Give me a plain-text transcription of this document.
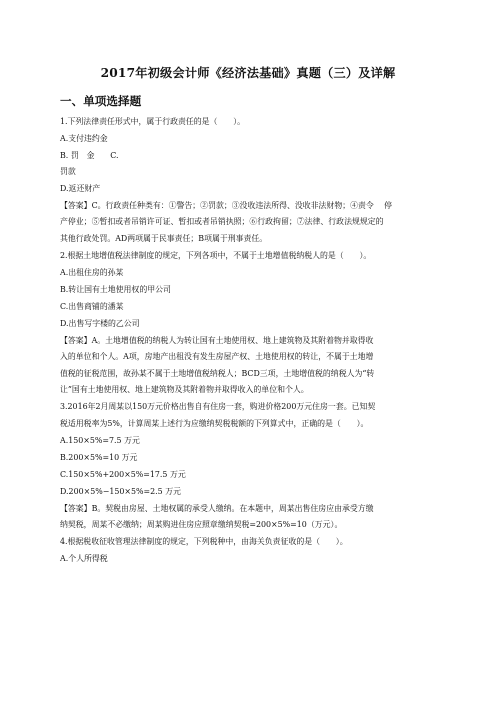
2017年初级会计师《经济法基础》真题（三）及详解
一、单项选择题
1.下列法律责任形式中，属于行政责任的是（　　）。
A.支付违约金
B. 罚　金　　C.
罚款
D.返还财产
【答案】C。行政责任种类有：①警告；②罚款；③没收违法所得、没收非法财物；④责令　 停
产停业；⑤暂扣或者吊销许可证、暂扣或者吊销执照；⑥行政拘留；⑦法律、行政法规规定的
其他行政处罚。AD两项属于民事责任；B项属于刑事责任。
2.根据土地增值税法律制度的规定，下列各项中，不属于土地增值税纳税人的是（　　）。
A.出租住房的孙某
B.转让国有土地使用权的甲公司
C.出售商铺的潘某
D.出售写字楼的乙公司
【答案】A。土地增值税的纳税人为转让国有土地使用权、地上建筑物及其附着物并取得收
入的单位和个人。A项，房地产出租没有发生房屋产权、土地使用权的转让，不属于土地增
值税的征税范围，故孙某不属于土地增值税纳税人；BCD三项，土地增值税的纳税人为“转
让”国有土地使用权、地上建筑物及其附着物并取得收入的单位和个人。
3.2016年2月周某以150万元价格出售自有住房一套，购进价格200万元住房一套。已知契
税适用税率为5%，计算周某上述行为应缴纳契税税额的下列算式中，正确的是（　　）。
A.150×5%=7.5 万元
B.200×5%=10 万元
C.150×5%+200×5%=17.5 万元
D.200×5%−150×5%=2.5 万元
【答案】B。契税由房屋、土地权属的承受人缴纳。在本题中，周某出售住房应由承受方缴
纳契税，周某不必缴纳；周某购进住房应照章缴纳契税=200×5%=10（万元）。
4.根据税收征收管理法律制度的规定，下列税种中，由海关负责征收的是（　　）。
A.个人所得税
